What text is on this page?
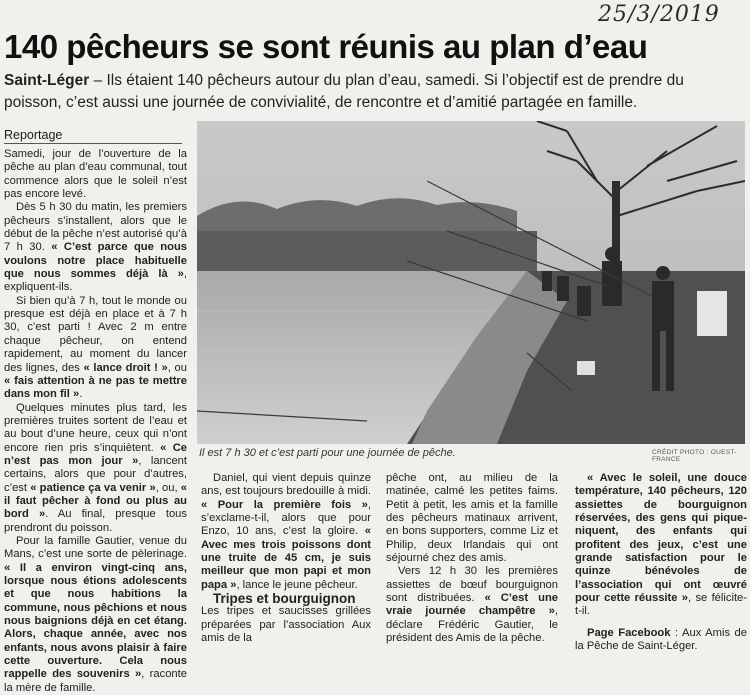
25/3/2019
140 pêcheurs se sont réunis au plan d’eau

Saint-Léger – Ils étaient 140 pêcheurs autour du plan d’eau, samedi. Si l’objectif est de prendre du poisson, c’est aussi une journée de convivialité, de rencontre et d’amitié partagée en famille.

Reportage

Samedi, jour de l’ouverture de la pêche au plan d’eau communal, tout commence alors que le soleil n’est pas encore levé.

Dès 5 h 30 du matin, les premiers pêcheurs s’installent, alors que le début de la pêche n’est autorisé qu’à 7 h 30. « C’est parce que nous voulons notre place habituelle que nous sommes déjà là », expliquent-ils.

Si bien qu’à 7 h, tout le monde ou presque est déjà en place et à 7 h 30, c’est parti ! Avec 2 m entre chaque pêcheur, on entend rapidement, au moment du lancer des lignes, des « lance droit ! », ou « fais attention à ne pas te mettre dans mon fil ».

Quelques minutes plus tard, les premières truites sortent de l’eau et au bout d’une heure, ceux qui n’ont encore rien pris s’inquiètent. « Ce n’est pas mon jour », lancent certains, alors que pour d’autres, c’est « patience ça va venir », ou, « il faut pêcher à fond ou plus au bord ». Au final, presque tous prendront du poisson.

Pour la famille Gautier, venue du Mans, c’est une sorte de pèlerinage. « Il a environ vingt-cinq ans, lorsque nous étions adolescents et que nous habitions la commune, nous pêchions et nous nous baignions déjà en cet étang. Alors, chaque année, avec nos enfants, nous avons plaisir à faire cette ouverture. Cela nous rappelle des souvenirs », raconte la mère de famille.

Il est 7 h 30 et c’est parti pour une journée de pêche.	CRÉDIT PHOTO : OUEST-FRANCE

Daniel, qui vient depuis quinze ans, est toujours bredouille à midi. « Pour la première fois », s’exclame-t-il, alors que pour Enzo, 10 ans, c’est la gloire. « Avec mes trois poissons dont une truite de 45 cm, je suis meilleur que mon papi et mon papa », lance le jeune pêcheur.

Tripes et bourguignon

Les tripes et saucisses grillées préparées par l’association Aux amis de la

pêche ont, au milieu de la matinée, calmé les petites faims. Petit à petit, les amis et la famille des pêcheurs matinaux arrivent, en bons supporters, comme Liz et Philip, deux Irlandais qui ont séjourné chez des amis.

Vers 12 h 30 les premières assiettes de bœuf bourguignon sont distribuées. « C’est une vraie journée champêtre », déclare Frédéric Gautier, le président des Amis de la pêche.

« Avec le soleil, une douce température, 140 pêcheurs, 120 assiettes de bourguignon réservées, des gens qui pique-niquent, des enfants qui profitent des jeux, c’est une grande satisfaction pour le quinze bénévoles de l’association qui ont œuvré pour cette réussite », se félicite-t-il.

Page Facebook : Aux Amis de la Pêche de Saint-Léger.
